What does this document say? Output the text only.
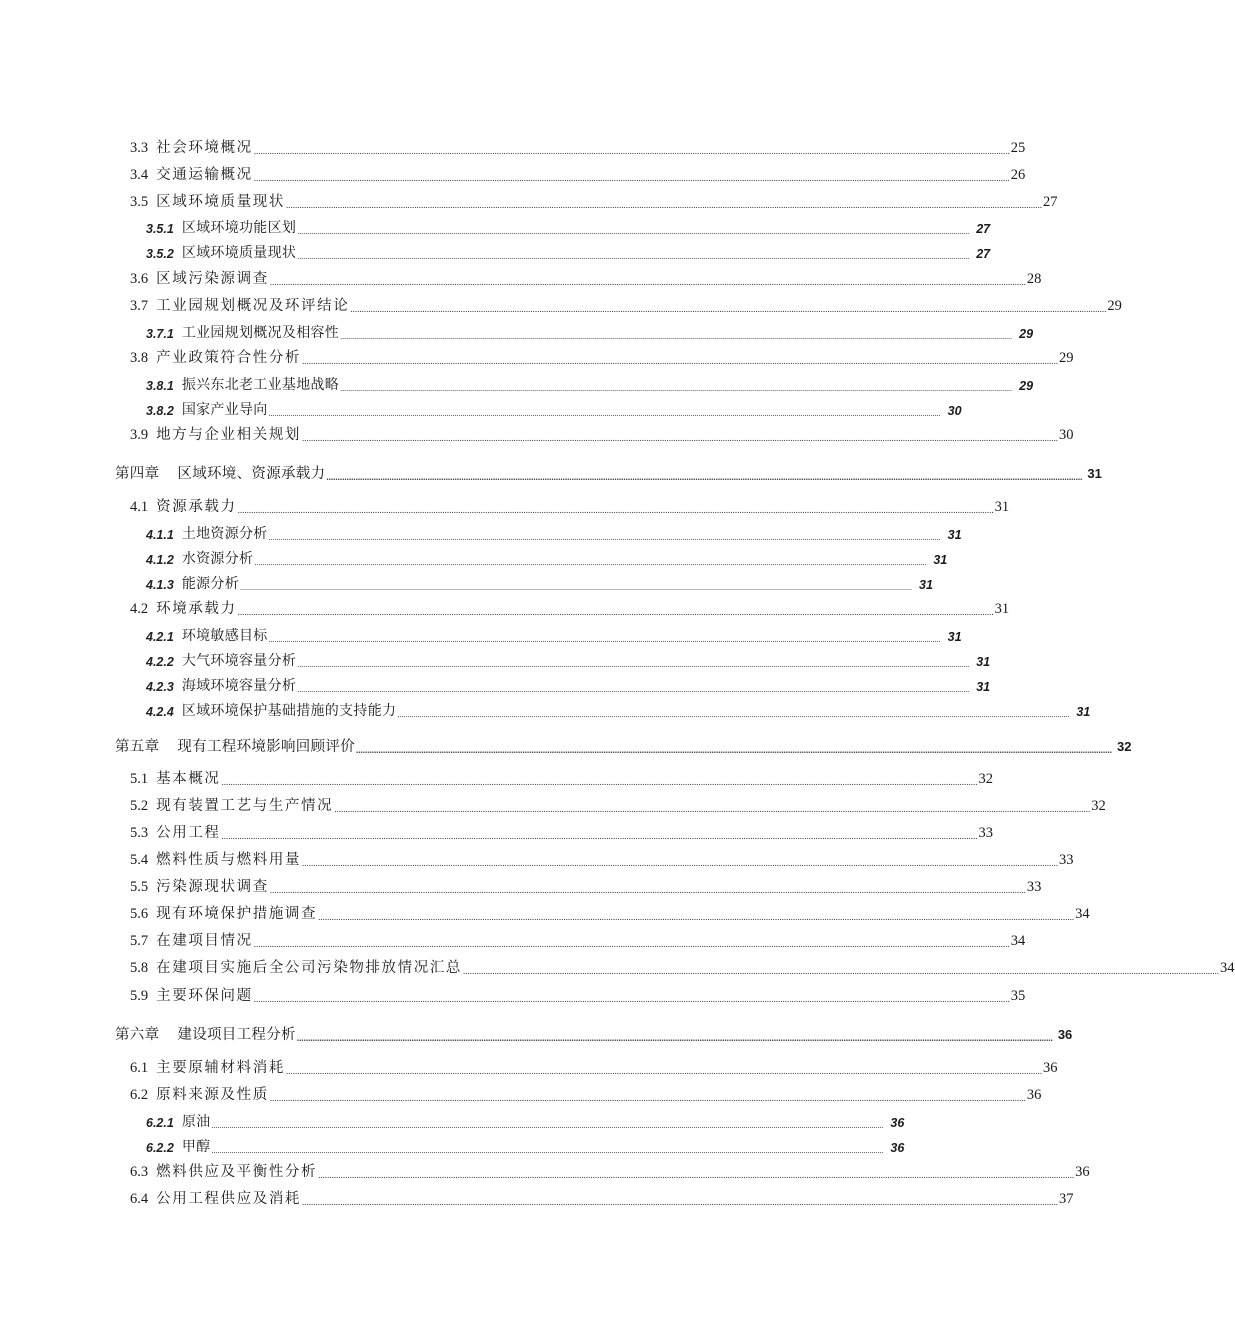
3.3 社会环境概况 ................................................................................................................................................................................................................................................................................................................................................ 25
3.4 交通运输概况 ................................................................................................................................................................................................................................................................................................................................................ 26
3.5 区域环境质量现状 ................................................................................................................................................................................................................................................................................................................................................ 27
3.5.1 区域环境功能区划 ................................................................................................................................................................................................................................................................................................................................................ 27
3.5.2 区域环境质量现状 ................................................................................................................................................................................................................................................................................................................................................ 27
3.6 区域污染源调查 ................................................................................................................................................................................................................................................................................................................................................ 28
3.7 工业园规划概况及环评结论 ................................................................................................................................................................................................................................................................................................................................................ 29
3.7.1 工业园规划概况及相容性 ................................................................................................................................................................................................................................................................................................................................................ 29
3.8 产业政策符合性分析 ................................................................................................................................................................................................................................................................................................................................................ 29
3.8.1 振兴东北老工业基地战略 ................................................................................................................................................................................................................................................................................................................................................ 29
3.8.2 国家产业导向 ................................................................................................................................................................................................................................................................................................................................................ 30
3.9 地方与企业相关规划 ................................................................................................................................................................................................................................................................................................................................................ 30
第四章 区域环境、资源承载力 ................................................................................................................................................................................................................................................................................................................................................ 31
4.1 资源承载力 ................................................................................................................................................................................................................................................................................................................................................ 31
4.1.1 土地资源分析 ................................................................................................................................................................................................................................................................................................................................................ 31
4.1.2 水资源分析 ................................................................................................................................................................................................................................................................................................................................................ 31
4.1.3 能源分析 ................................................................................................................................................................................................................................................................................................................................................ 31
4.2 环境承载力 ................................................................................................................................................................................................................................................................................................................................................ 31
4.2.1 环境敏感目标 ................................................................................................................................................................................................................................................................................................................................................ 31
4.2.2 大气环境容量分析 ................................................................................................................................................................................................................................................................................................................................................ 31
4.2.3 海域环境容量分析 ................................................................................................................................................................................................................................................................................................................................................ 31
4.2.4 区域环境保护基础措施的支持能力 ................................................................................................................................................................................................................................................................................................................................................ 31
第五章 现有工程环境影响回顾评价 ................................................................................................................................................................................................................................................................................................................................................ 32
5.1 基本概况 ................................................................................................................................................................................................................................................................................................................................................ 32
5.2 现有装置工艺与生产情况 ................................................................................................................................................................................................................................................................................................................................................ 32
5.3 公用工程 ................................................................................................................................................................................................................................................................................................................................................ 33
5.4 燃料性质与燃料用量 ................................................................................................................................................................................................................................................................................................................................................ 33
5.5 污染源现状调查 ................................................................................................................................................................................................................................................................................................................................................ 33
5.6 现有环境保护措施调查 ................................................................................................................................................................................................................................................................................................................................................ 34
5.7 在建项目情况 ................................................................................................................................................................................................................................................................................................................................................ 34
5.8 在建项目实施后全公司污染物排放情况汇总 ................................................................................................................................................................................................................................................................................................................................................ 34
5.9 主要环保问题 ................................................................................................................................................................................................................................................................................................................................................ 35
第六章 建设项目工程分析 ................................................................................................................................................................................................................................................................................................................................................ 36
6.1 主要原辅材料消耗 ................................................................................................................................................................................................................................................................................................................................................ 36
6.2 原料来源及性质 ................................................................................................................................................................................................................................................................................................................................................ 36
6.2.1 原油 ................................................................................................................................................................................................................................................................................................................................................ 36
6.2.2 甲醇 ................................................................................................................................................................................................................................................................................................................................................ 36
6.3 燃料供应及平衡性分析 ................................................................................................................................................................................................................................................................................................................................................ 36
6.4 公用工程供应及消耗 ................................................................................................................................................................................................................................................................................................................................................ 37
